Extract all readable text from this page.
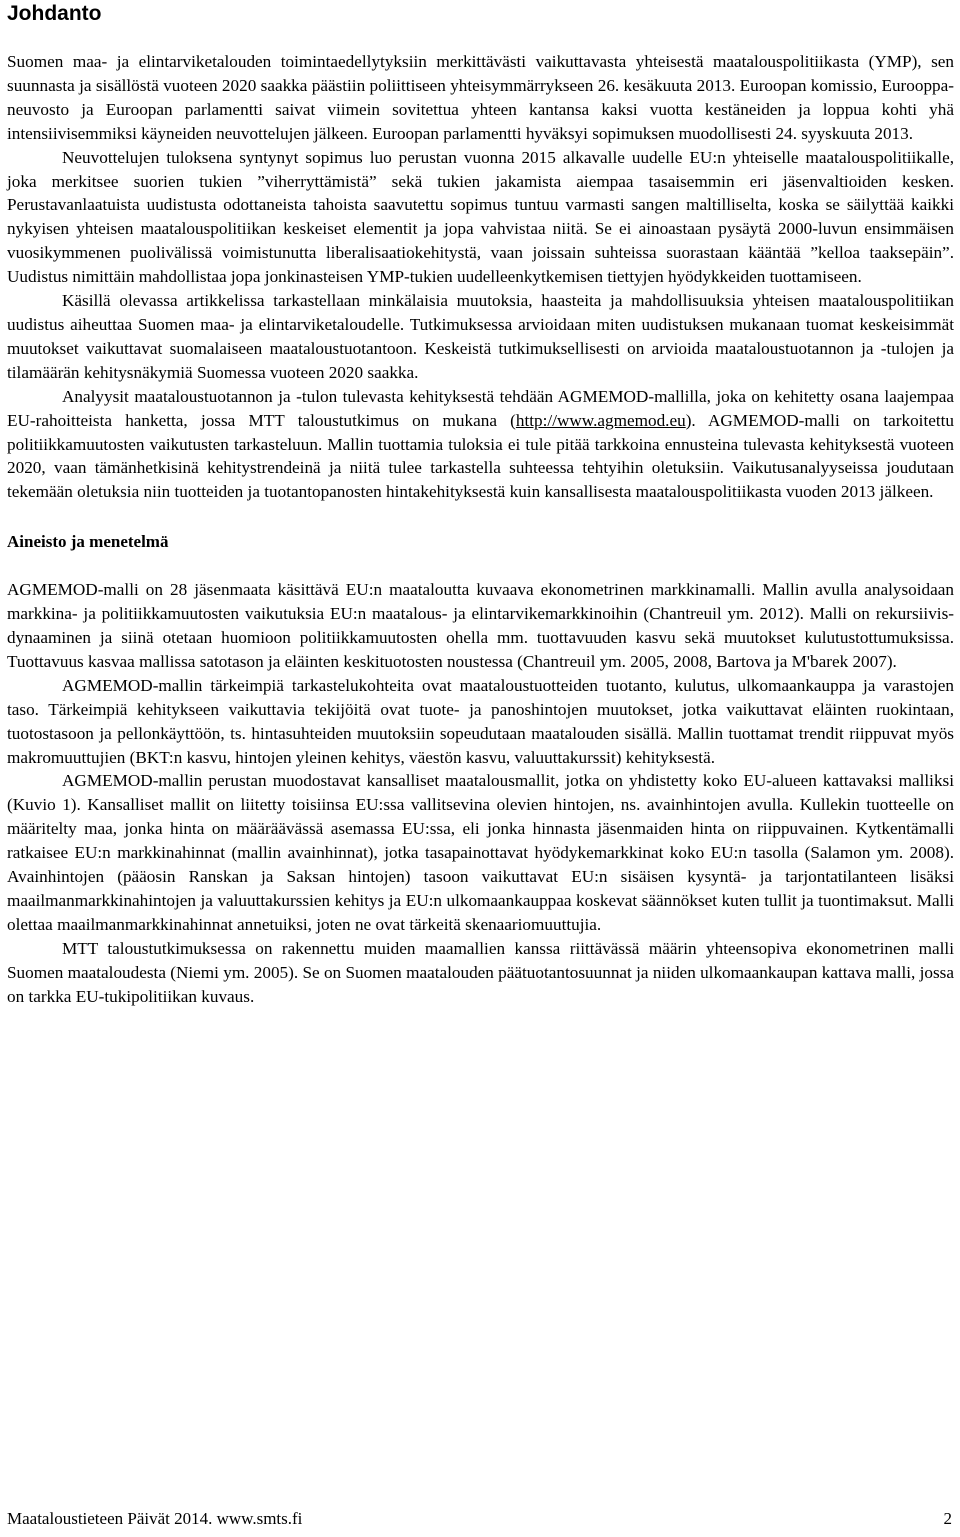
Johdanto

Suomen maa- ja elintarviketalouden toimintaedellytyksiin merkittävästi vaikuttavasta yhteisestä maatalouspolitiikasta (YMP), sen suunnasta ja sisällöstä vuoteen 2020 saakka päästiin poliittiseen yhteisymmärrykseen 26. kesäkuuta 2013. Euroopan komissio, Eurooppa-neuvosto ja Euroopan parlamentti saivat viimein sovitettua yhteen kantansa kaksi vuotta kestäneiden ja loppua kohti yhä intensiivisemmiksi käyneiden neuvottelujen jälkeen. Euroopan parlamentti hyväksyi sopimuksen muodollisesti 24. syyskuuta 2013.

Neuvottelujen tuloksena syntynyt sopimus luo perustan vuonna 2015 alkavalle uudelle EU:n yhteiselle maatalouspolitiikalle, joka merkitsee suorien tukien ”viherryttämistä” sekä tukien jakamista aiempaa tasaisemmin eri jäsenvaltioiden kesken. Perustavanlaatuista uudistusta odottaneista tahoista saavutettu sopimus tuntuu varmasti sangen maltilliselta, koska se säilyttää kaikki nykyisen yhteisen maatalouspolitiikan keskeiset elementit ja jopa vahvistaa niitä. Se ei ainoastaan pysäytä 2000-luvun ensimmäisen vuosikymmenen puolivälissä voimistunutta liberalisaatiokehitystä, vaan joissain suhteissa suorastaan kääntää ”kelloa taaksepäin”. Uudistus nimittäin mahdollistaa jopa jonkinasteisen YMP-tukien uudelleenkytkemisen tiettyjen hyödykkeiden tuottamiseen.

Käsillä olevassa artikkelissa tarkastellaan minkälaisia muutoksia, haasteita ja mahdollisuuksia yhteisen maatalouspolitiikan uudistus aiheuttaa Suomen maa- ja elintarviketaloudelle. Tutkimuksessa arvioidaan miten uudistuksen mukanaan tuomat keskeisimmät muutokset vaikuttavat suomalaiseen maataloustuotantoon. Keskeistä tutkimuksellisesti on arvioida maataloustuotannon ja -tulojen ja tilamäärän kehitysnäkymiä Suomessa vuoteen 2020 saakka.

Analyysit maataloustuotannon ja -tulon tulevasta kehityksestä tehdään AGMEMOD-mallilla, joka on kehitetty osana laajempaa EU-rahoitteista hanketta, jossa MTT taloustutkimus on mukana (http://www.agmemod.eu). AGMEMOD-malli on tarkoitettu politiikkamuutosten vaikutusten tarkasteluun. Mallin tuottamia tuloksia ei tule pitää tarkkoina ennusteina tulevasta kehityksestä vuoteen 2020, vaan tämänhetkisinä kehitystrendeinä ja niitä tulee tarkastella suhteessa tehtyihin oletuksiin. Vaikutusanalyyseissa joudutaan tekemään oletuksia niin tuotteiden ja tuotantopanosten hintakehityksestä kuin kansallisesta maatalouspolitiikasta vuoden 2013 jälkeen.

Aineisto ja menetelmä

AGMEMOD-malli on 28 jäsenmaata käsittävä EU:n maataloutta kuvaava ekonometrinen markkinamalli. Mallin avulla analysoidaan markkina- ja politiikkamuutosten vaikutuksia EU:n maatalous- ja elintarvikemarkkinoihin (Chantreuil ym. 2012). Malli on rekursiivis-dynaaminen ja siinä otetaan huomioon politiikkamuutosten ohella mm. tuottavuuden kasvu sekä muutokset kulutustottumuksissa. Tuottavuus kasvaa mallissa satotason ja eläinten keskituotosten noustessa (Chantreuil ym. 2005, 2008, Bartova ja M'barek 2007).

AGMEMOD-mallin tärkeimpiä tarkastelukohteita ovat maataloustuotteiden tuotanto, kulutus, ulkomaankauppa ja varastojen taso. Tärkeimpiä kehitykseen vaikuttavia tekijöitä ovat tuote- ja panoshintojen muutokset, jotka vaikuttavat eläinten ruokintaan, tuotostasoon ja pellonkäyttöön, ts. hintasuhteiden muutoksiin sopeudutaan maatalouden sisällä. Mallin tuottamat trendit riippuvat myös makromuuttujien (BKT:n kasvu, hintojen yleinen kehitys, väestön kasvu, valuuttakurssit) kehityksestä.

AGMEMOD-mallin perustan muodostavat kansalliset maatalousmallit, jotka on yhdistetty koko EU-alueen kattavaksi malliksi (Kuvio 1). Kansalliset mallit on liitetty toisiinsa EU:ssa vallitsevina olevien hintojen, ns. avainhintojen avulla. Kullekin tuotteelle on määritelty maa, jonka hinta on määräävässä asemassa EU:ssa, eli jonka hinnasta jäsenmaiden hinta on riippuvainen. Kytkentämalli ratkaisee EU:n markkinahinnat (mallin avainhinnat), jotka tasapainottavat hyödykemarkkinat koko EU:n tasolla (Salamon ym. 2008). Avainhintojen (pääosin Ranskan ja Saksan hintojen) tasoon vaikuttavat EU:n sisäisen kysyntä- ja tarjontatilanteen lisäksi maailmanmarkkinahintojen ja valuuttakurssien kehitys ja EU:n ulkomaankauppaa koskevat säännökset kuten tullit ja tuontimaksut. Malli olettaa maailmanmarkkinahinnat annetuiksi, joten ne ovat tärkeitä skenaariomuuttujia.

MTT taloustutkimuksessa on rakennettu muiden maamallien kanssa riittävässä määrin yhteensopiva ekonometrinen malli Suomen maataloudesta (Niemi ym. 2005). Se on Suomen maatalouden päätuotantosuunnat ja niiden ulkomaankaupan kattava malli, jossa on tarkka EU-tukipolitiikan kuvaus.

Maataloustieteen Päivät 2014. www.smts.fi	2
